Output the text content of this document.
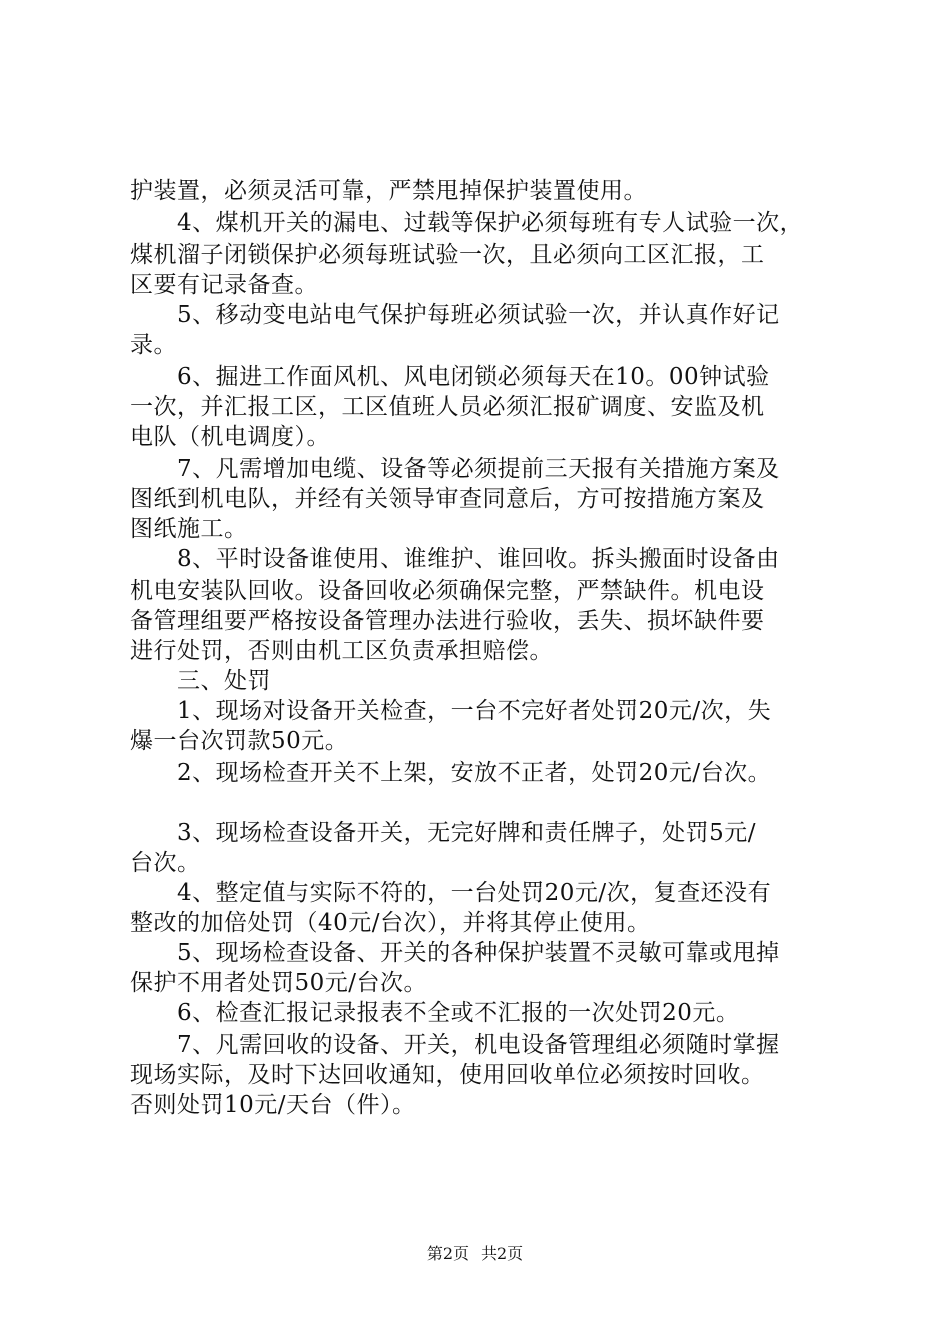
护装置，必须灵活可靠，严禁甩掉保护装置使用。
　　4、煤机开关的漏电、过载等保护必须每班有专人试验一次，
煤机溜子闭锁保护必须每班试验一次，且必须向工区汇报，工
区要有记录备查。
　　5、移动变电站电气保护每班必须试验一次，并认真作好记
录。
　　6、掘进工作面风机、风电闭锁必须每天在10。00钟试验
一次，并汇报工区，工区值班人员必须汇报矿调度、安监及机
电队（机电调度）。
　　7、凡需增加电缆、设备等必须提前三天报有关措施方案及
图纸到机电队，并经有关领导审查同意后，方可按措施方案及
图纸施工。
　　8、平时设备谁使用、谁维护、谁回收。拆头搬面时设备由
机电安装队回收。设备回收必须确保完整，严禁缺件。机电设
备管理组要严格按设备管理办法进行验收，丢失、损坏缺件要
进行处罚，否则由机工区负责承担赔偿。
　　三、处罚
　　1、现场对设备开关检查，一台不完好者处罚20元/次，失
爆一台次罚款50元。
　　2、现场检查开关不上架，安放不正者，处罚20元/台次。
　　3、现场检查设备开关，无完好牌和责任牌子，处罚5元/
台次。
　　4、整定值与实际不符的，一台处罚20元/次，复查还没有
整改的加倍处罚（40元/台次），并将其停止使用。
　　5、现场检查设备、开关的各种保护装置不灵敏可靠或甩掉
保护不用者处罚50元/台次。
　　6、检查汇报记录报表不全或不汇报的一次处罚20元。
　　7、凡需回收的设备、开关，机电设备管理组必须随时掌握
现场实际，及时下达回收通知，使用回收单位必须按时回收。
否则处罚10元/天台（件）。
第2页 共2页
